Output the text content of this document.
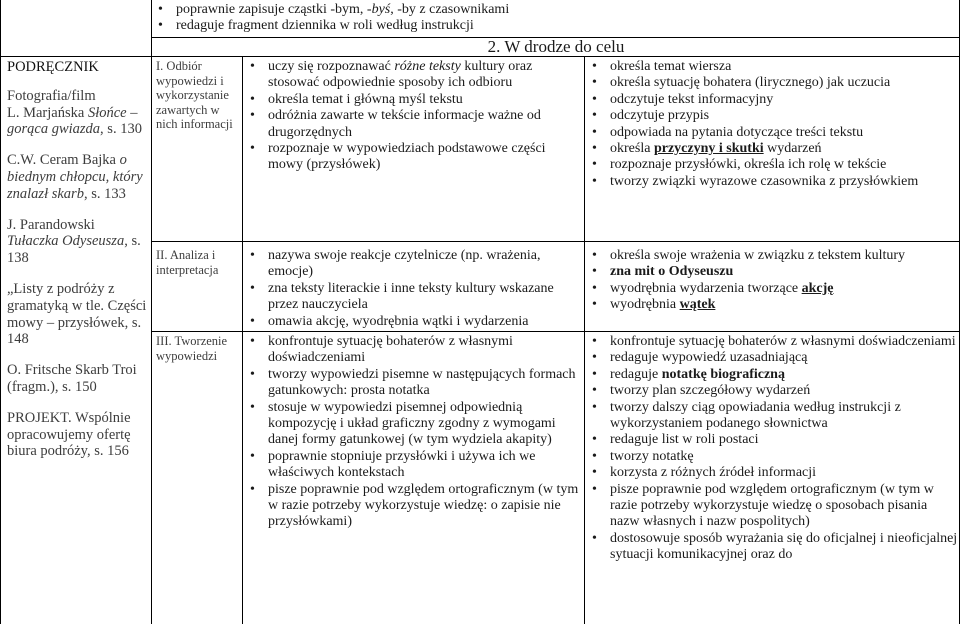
• poprawnie zapisuje cząstki -bym, -byś, -by z czasownikami
• redaguje fragment dziennika w roli według instrukcji
2. W drodze do celu

PODRĘCZNIK

Fotografia/film
L. Marjańska Słońce – gorąca gwiazda, s. 130

C.W. Ceram Bajka o biednym chłopcu, który znalazł skarb, s. 133

J. Parandowski Tułaczka Odyseusza, s. 138

„Listy z podróży z gramatyką w tle. Części mowy – przysłówek, s. 148

O. Fritsche Skarb Troi (fragm.), s. 150

PROJEKT. Wspólnie opracowujemy ofertę biura podróży, s. 156

I. Odbiór wypowiedzi i wykorzystanie zawartych w nich informacji

II. Analiza i interpretacja

III. Tworzenie wypowiedzi

• uczy się rozpoznawać różne teksty kultury oraz stosować odpowiednie sposoby ich odbioru
• określa temat i główną myśl tekstu
• odróżnia zawarte w tekście informacje ważne od drugorzędnych
• rozpoznaje w wypowiedziach podstawowe części mowy (przysłówek)
• nazywa swoje reakcje czytelnicze (np. wrażenia, emocje)
• zna teksty literackie i inne teksty kultury wskazane przez nauczyciela
• omawia akcję, wyodrębnia wątki i wydarzenia
• konfrontuje sytuację bohaterów z własnymi doświadczeniami
• tworzy wypowiedzi pisemne w następujących formach gatunkowych: prosta notatka
• stosuje w wypowiedzi pisemnej odpowiednią kompozycję i układ graficzny zgodny z wymogami danej formy gatunkowej (w tym wydziela akapity)
• poprawnie stopniuje przysłówki i używa ich we właściwych kontekstach
• pisze poprawnie pod względem ortograficznym (w tym w razie potrzeby wykorzystuje wiedzę: o zapisie nie przysłówkami)
• określa temat wiersza
• określa sytuację bohatera (lirycznego) jak uczucia
• odczytuje tekst informacyjny
• odczytuje przypis
• odpowiada na pytania dotyczące treści tekstu
• określa przyczyny i skutki wydarzeń
• rozpoznaje przysłówki, określa ich rolę w tekście
• tworzy związki wyrazowe czasownika z przysłówkiem
• określa swoje wrażenia w związku z tekstem kultury
• zna mit o Odyseuszu
• wyodrębnia wydarzenia tworzące akcję
• wyodrębnia wątek
• konfrontuje sytuację bohaterów z własnymi doświadczeniami
• redaguje wypowiedź uzasadniającą
• redaguje notatkę biograficzną
• tworzy plan szczegółowy wydarzeń
• tworzy dalszy ciąg opowiadania według instrukcji z wykorzystaniem podanego słownictwa
• redaguje list w roli postaci
• tworzy notatkę
• korzysta z różnych źródeł informacji
• pisze poprawnie pod względem ortograficznym (w tym w razie potrzeby wykorzystuje wiedzę o sposobach pisania nazw własnych i nazw pospolitych)
• dostosowuje sposób wyrażania się do oficjalnej i nieoficjalnej sytuacji komunikacyjnej oraz do
